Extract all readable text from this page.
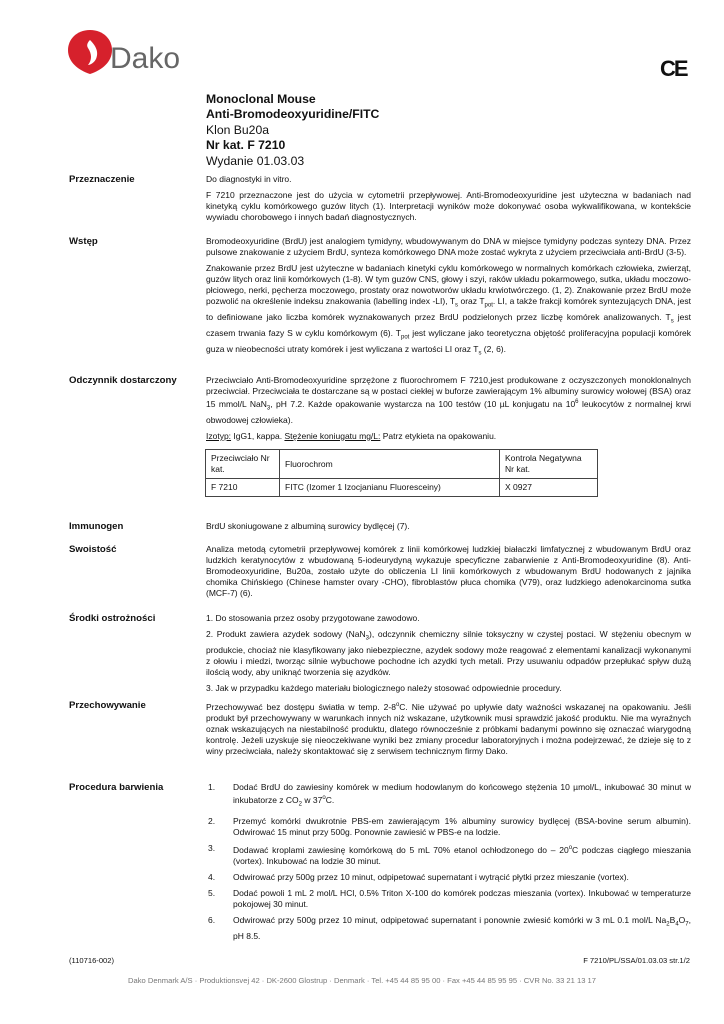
Dako	CE
Monoclonal Mouse
Anti-Bromodeoxyuridine/FITC
Klon Bu20a
Nr kat. F 7210
Wydanie 01.03.03
Przeznaczenie	Do diagnostyki in vitro.

F 7210 przeznaczone jest do użycia w cytometrii przepływowej. Anti-Bromodeoxyuridine jest użyteczna w badaniach nad kinetyką cyklu komórkowego guzów litych (1). Interpretacji wyników może dokonywać osoba wykwalifikowana, w kontekście wywiadu chorobowego i innych badań diagnostycznych.

Wstęp	Bromodeoxyuridine (BrdU) jest analogiem tymidyny, wbudowywanym do DNA w miejsce tymidyny podczas syntezy DNA. Przez pulsowe znakowanie z użyciem BrdU, synteza komórkowego DNA może zostać wykryta z użyciem przeciwciała anti-BrdU (3-5).

Znakowanie przez BrdU jest użyteczne w badaniach kinetyki cyklu komórkowego w normalnych komórkach człowieka, zwierząt, guzów litych oraz linii komórkowych (1-8). W tym guzów CNS, głowy i szyi, raków układu pokarmowego, sutka, układu moczowo-płciowego, nerki, pęcherza moczowego, prostaty oraz nowotworów układu krwiotwórczego. (1, 2). Znakowanie przez BrdU może pozwolić na określenie indeksu znakowania (labelling index -LI), $T_s$ oraz $T_{pot}$. LI, a także frakcji komórek syntezujących DNA, jest to definiowane jako liczba komórek wyznakowanych przez BrdU podzielonych przez liczbę komórek analizowanych. $T_s$ jest czasem trwania fazy S w cyklu komórkowym (6). $T_{pot}$ jest wyliczane jako teoretyczna objętość proliferacyjna populacji komórek guza w nieobecności utraty komórek i jest wyliczana z wartości LI oraz $T_s$ (2, 6).

Odczynnik dostarczony	Przeciwciało Anti-Bromodeoxyuridine sprzężone z fluorochromem F 7210,jest produkowane z oczyszczonych monoklonalnych przeciwciał. Przeciwciała te dostarczane są w postaci ciekłej w buforze zawierającym 1% albuminy surowicy wołowej (BSA) oraz 15 mmol/L NaN$_3$, pH 7.2. Każde opakowanie wystarcza na 100 testów (10 µL konjugatu na $10^6$ leukocytów z normalnej krwi obwodowej człowieka).

Izotyp: IgG1, kappa. Stężenie koniugatu mg/L: Patrz etykieta na opakowaniu.

Przeciwciało Nr kat.	Fluorochrom	Kontrola Negatywna Nr kat.
F 7210	FITC (Izomer 1 Izocjanianu Fluoresceiny)	X 0927
Immunogen	BrdU skoniugowane z albuminą surowicy bydlęcej (7).

Swoistość	Analiza metodą cytometrii przepływowej komórek z linii komórkowej ludzkiej białaczki limfatycznej z wbudowanym BrdU oraz ludzkich keratynocytów z wbudowaną 5-iodeurydyną wykazuje specyficzne zabarwienie z Anti-Bromodeoxyuridine (8). Anti-Bromodeoxyuridine, Bu20a, zostało użyte do obliczenia LI linii komórkowych z wbudowanym BrdU hodowanych z jajnika chomika Chińskiego (Chinese hamster ovary -CHO), fibroblastów płuca chomika (V79), oraz ludzkiego adenokarcinoma sutka (MCF-7) (6).

Środki ostrożności	1. Do stosowania przez osoby przygotowane zawodowo.

2. Produkt zawiera azydek sodowy (NaN$_3$), odczynnik chemiczny silnie toksyczny w czystej postaci. W stężeniu obecnym w produkcie, chociaż nie klasyfikowany jako niebezpieczne, azydek sodowy może reagować z elementami kanalizacji wykonanymi z ołowiu i miedzi, tworząc silnie wybuchowe pochodne ich azydki tych metali. Przy usuwaniu odpadów przepłukać spływ dużą ilością wody, aby uniknąć tworzenia się azydków.

3. Jak w przypadku każdego materiału biologicznego należy stosować odpowiednie procedury.

Przechowywanie	Przechowywać bez dostępu światła w temp. 2-8$^o$C. Nie używać po upływie daty ważności wskazanej na opakowaniu. Jeśli produkt był przechowywany w warunkach innych niż wskazane, użytkownik musi sprawdzić jakość produktu. Nie ma wyraźnych oznak wskazujących na niestabilność produktu, dlatego równocześnie z próbkami badanymi powinno się oznaczać wiarygodną kontrolę. Jeżeli uzyskuje się nieoczekiwane wyniki bez zmiany procedur laboratoryjnych i można podejrzewać, że dzieje się to z winy przeciwciała, należy skontaktować się z serwisem technicznym firmy Dako.

Procedura barwienia	1. Dodać BrdU do zawiesiny komórek w medium hodowlanym do końcowego stężenia 10 µmol/L, inkubować 30 minut w inkubatorze z $CO_2$ w 37$^o$C.
2. Przemyć komórki dwukrotnie PBS-em zawierającym 1% albuminy surowicy bydlęcej (BSA-bovine serum albumin). Odwirować 15 minut przy 500g. Ponownie zawiesić w PBS-e na lodzie.
3. Dodawać kroplami zawiesinę komórkową do 5 mL 70% etanol ochłodzonego do – 20$^o$C podczas ciągłego mieszania (vortex). Inkubować na lodzie 30 minut.
4. Odwirować przy 500g przez 10 minut, odpipetować supernatant i wytrącić płytki przez mieszanie (vortex).
5. Dodać powoli 1 mL 2 mol/L HCl, 0.5% Triton X-100 do komórek podczas mieszania (vortex). Inkubować w temperaturze pokojowej 30 minut.
6. Odwirować przy 500g przez 10 minut, odpipetować supernatant i ponownie zwiesić komórki w 3 mL 0.1 mol/L $Na_2B_4O_7$, pH 8.5.
(110716-002)	F 7210/PL/SSA/01.03.03 str.1/2
Dako Denmark A/S · Produktionsvej 42 · DK-2600 Glostrup · Denmark · Tel. +45 44 85 95 00 · Fax +45 44 85 95 95 · CVR No. 33 21 13 17
